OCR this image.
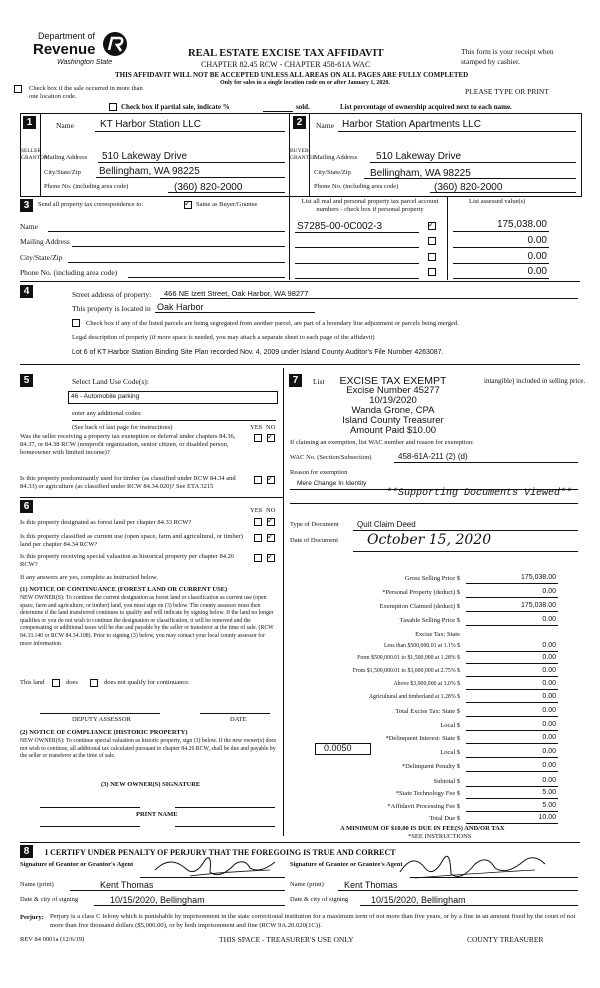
Department of
Revenue
Washington State
REAL ESTATE EXCISE TAX AFFIDAVIT
CHAPTER 82.45 RCW - CHAPTER 458-61A WAC
This form is your receipt when stamped by cashier.
THIS AFFIDAVIT WILL NOT BE ACCEPTED UNLESS ALL AREAS ON ALL PAGES ARE FULLY COMPLETED
Only for sales in a single location code on or after January 1, 2020.
PLEASE TYPE OR PRINT
Check box if the sale occurred in more than one location code.
Check box if partial sale, indicate %	sold.	List percentage of ownership acquired next to each name.
1	Name	KT Harbor Station LLC
SELLER GRANTOR
Mailing Address 510 Lakeway Drive
City/State/Zip Bellingham, WA 98225
Phone No. (including area code)	(360) 820-2000
2	Name Harbor Station Apartments LLC
BUYER GRANTEE
Mailing Address 510 Lakeway Drive
City/State/Zip Bellingham, WA 98225
Phone No. (including area code)	(360) 820-2000
3	Send all property tax correspondence to:	✓ Same as Buyer/Grantee	List all real and personal property tax parcel account numbers - check box if personal property
List assessed value(s)
Name
Mailing Address
City/State/Zip
Phone No. (including area code)
S7285-00-0C002-3	✓	175,038.00
0.00
0.00
0.00
4	Street address of property: 466 NE Izett Street, Oak Harbor, WA 98277
This property is located in Oak Harbor
Check box if any of the listed parcels are being segregated from another parcel, are part of a boundary line adjustment or parcels being merged.
Legal description of property (if more space is needed, you may attach a separate sheet to each page of the affidavit)
Lot 6 of KT Harbor Station Binding Site Plan recorded Nov. 4, 2009 under Island County Auditor's File Number 4263087.
5	Select Land Use Code(s):
46 - Automobile parking
enter any additional codes:
(See back of last page for instructions)	YES NO
Was the seller receiving a property tax exemption or deferral under chapters 84.36, 84.37, or 84.38 RCW (nonprofit organization, senior citizen, or disabled person, homeowner with limited income)?
✓
Is this property predominantly used for timber (as classified under RCW 84.34 and 84.33) or agriculture (as classified under RCW 84.34.020)? See ETA 3215
✓
6	YES NO
Is this property designated as forest land per chapter 84.33 RCW?	✓
Is this property classified as current use (open space, farm and agricultural, or timber) land per chapter 84.34 RCW?
✓
Is this property receiving special valuation as historical property per chapter 84.26 RCW?
✓
If any answers are yes, complete as instructed below.
(1) NOTICE OF CONTINUANCE (FOREST LAND OR CURRENT USE)
NEW OWNER(S): To continue the current designation as forest land or classification as current use (open space, farm and agriculture, or timber) land, you must sign on (3) below. The county assessor must then determine if the land transferred continues to qualify and will indicate by signing below. If the land no longer qualifies or you do not wish to continue the designation or classification, it will be removed and the compensating or additional taxes will be due and payable by the seller or transferor at the time of sale. (RCW 84.33.140 or RCW 84.34.108). Prior to signing (3) below, you may contact your local county assessor for more information.
This land	does	does not qualify for continuance.
DEPUTY ASSESSOR	DATE
(2) NOTICE OF COMPLIANCE (HISTORIC PROPERTY)
NEW OWNER(S): To continue special valuation as historic property, sign (3) below. If the new owner(s) does not wish to continue, all additional tax calculated pursuant to chapter 84.26 RCW, shall be due and payable by the seller or transferor at the time of sale.
(3) NEW OWNER(S) SIGNATURE
PRINT NAME
7	List	intangible) included in selling price.
EXCISE TAX EXEMPT
Excise Number 45277
10/19/2020
Wanda Grone, CPA
Island County Treasurer
Amount Paid $10.00
If claiming an exemption, list WAC number and reason for exemption:
WAC No. (Section/Subsection)	458-61A-211 (2) (d)
Reason for exemption
Mere Change In Identity
**Supporting Documents Viewed**
Type of Document Quit Claim Deed
Date of Document October 15, 2020
Gross Selling Price $	175,038.00
*Personal Property (deduct) $	0.00
Exemption Claimed (deduct) $	175,038.00
Taxable Selling Price $	0.00
Excise Tax: State
Less than $500,000.01 at 1.1% $	0.00
From $500,000.01 to $1,500,000 at 1.28% $	0.00
From $1,500,000.01 to $3,000,000 at 2.75% $	0.00
Above $3,000,000 at 3.0% $	0.00
Agricultural and timberland at 1.28% $	0.00
Total Excise Tax: State $	0.00
Local $	0.00
*Delinquent Interest: State $	0.00
Local $	0.00
*Delinquent Penalty $	0.00
Subtotal $	0.00
*State Technology Fee $	5.00
*Affidavit Processing Fee $	5.00
Total Due $	10.00
0.0050
A MINIMUM OF $10.00 IS DUE IN FEE(S) AND/OR TAX
*SEE INSTRUCTIONS
8	I CERTIFY UNDER PENALTY OF PERJURY THAT THE FOREGOING IS TRUE AND CORRECT
Signature of Grantor or Grantor's Agent
Name (print)	Kent Thomas
Date & city of signing	10/15/2020, Bellingham
Signature of Grantee or Grantee's Agent
Name (print) Kent Thomas
Date & city of signing	10/15/2020, Bellingham
Perjury: Perjury is a class C felony which is punishable by imprisonment in the state correctional institution for a maximum term of not more than five years, or by a fine in an amount fixed by the court of not more than five thousand dollars ($5,000.00), or by both imprisonment and fine (RCW 9A.20.020(1C)).
REV 84 0001a (12/6/19)	THIS SPACE - TREASURER'S USE ONLY	COUNTY TREASURER
